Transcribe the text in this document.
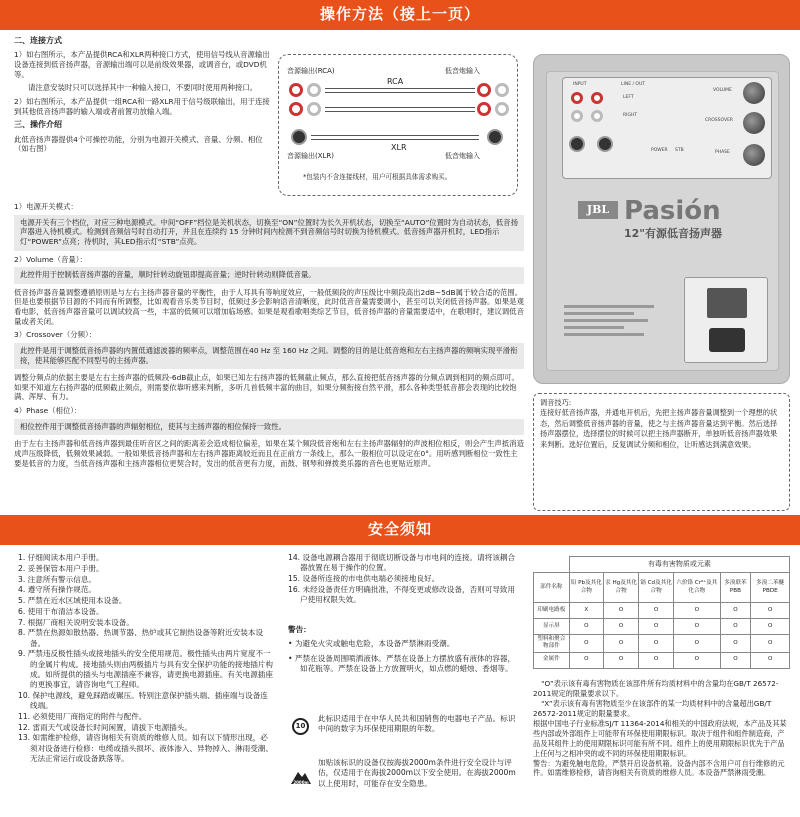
操作方法（接上一页）
二、连接方式

1）如右图所示，本产品提供RCA和XLR两种接口方式，使用信号线从音源输出设备连接到低音扬声器，音源输出端可以是前级效果器，或调音台，或DVD机等。

请注意安装时只可以选择其中一种输入接口，不要同时使用两种接口。

2）如右图所示，本产品提供一组RCA和一路XLR用于信号级联输出，用于连接到其他低音扬声器的输入端或者前置功放输入端。

三、操作介绍

此低音扬声器提供4个可操控功能，分别为电源开关模式、音量、分频、相位（如右图）

音源输出(RCA)	低音炮输入
RCA
XLR
音源输出(XLR)	低音炮输入
*包装内不含连接线材，用户可根据具体需求购买。
1）电源开关模式：
电源开关有三个档位，对应三种电源模式。中间“OFF”档位是关机状态，切换至“ON”位置时为长久开机状态，切换至“AUTO”位置时为自动状态，低音扬声器进入待机模式。检测到音频信号时自动打开，并且在连续约 15 分钟时间内检测不到音频信号时切换为待机模式。低音扬声器开机时，LED指示灯“POWER”点亮；待机时，其LED指示灯“STB”点亮。
2）Volume（音量）：
此控件用于控制低音扬声器的音量，顺时针转动旋钮即提高音量；逆时针转动则降低音量。

低音扬声器音量调整遵循原则是与左右主扬声器音量的平衡性，由于人耳具有等响度效应，一般低频段的声压级比中频段高出2dB~5dB属于较合适的范围。但是也要根据节目源的不同而有所调整，比如观看音乐类节目时，低频过多会影响语音清晰度，此时低音音量需要调小，甚至可以关闭低音扬声器。如果是观看电影，低音扬声器音量可以调试较高一些，丰富的低频可以增加临场感。如果是观看歌唱类综艺节目，低音扬声器的音量需要适中，在歌唱时，建议调低音量或者关闭。

3）Crossover（分频）：
此控件是用于调整低音扬声器的内置低通滤波器的频率点，调整范围在40 Hz 至 160 Hz 之间。调整的目的是让低音炮和左右主扬声器的频响实现平滑衔接，使其能够匹配不同型号的主扬声器。

调整分频点的依据主要是左右主扬声器的低频段-6dB截止点，如果已知左右扬声器的低频截止频点，那么直接把低音扬声器的分频点调到相同的频点即可。如果不知道左右扬声器的低频截止频点，则需要依靠听感来判断，多听几首低频丰富的曲目，如果分频衔接自然平滑，那么各种类型低音都会表现的比较饱满、浑厚、有力。

4）Phase（相位）：
相位控件用于调整低音扬声器的声辐射相位，使其与主扬声器的相位保持一致性。

由于左右主扬声器和低音扬声器到最佳听音区之间的距离差会造成相位偏差，如果在某个频段低音炮和左右主扬声器辐射的声波相位相反，则会产生声抵消造成声压级降低，低频效果减弱。一般如果低音扬声器和左右扬声器距离较近而且在正前方一条线上，那么一般相位可以设定在0°。用听感判断相位一致性主要是低音的力度，当低音扬声器和主扬声器相位更契合时，发出的低音更有力度，而鼓、钢琴和弹拨类乐器的音色也更贴近原声。

INPUT	LINE / OUT
LEFT
RIGHT
POWER STB
VOLUME
CROSSOVER
PHASE
JBL Pasión
12"有源低音扬声器
调音技巧:
连接好低音扬声器，并通电开机后，先把主扬声器音量调整到一个理想的状态，然后调整低音扬声器的音量，使之与主扬声器音量达到平衡。然后选择扬声器摆位，选择摆位的时候可以把主扬声器断开，单独听低音扬声器效果来判断。选好位置后，反复调试分频和相位，让听感达到满意效果。
安全须知
1. 仔细阅读本用户手册。
2. 妥善保管本用户手册。
3. 注意所有警示信息。
4. 遵守所有操作规范。
5. 严禁在近水区域使用本设备。
6. 使用干布清洁本设备。
7. 根据厂商相关说明安装本设备。
8. 严禁在热源如散热器、热调节器、热炉或其它制热设备等附近安装本设备。
9. 严禁违反极性插头或接地插头的安全使用规范。极性插头由两片宽度不一的金属片构成。接地插头则由两极插片与具有安全保护功能的接地插片构成。如所提供的插头与电源插座不兼容，请更换电源插座。有关电源插座的更换事宜，请咨询电气工程师。
10. 保护电源线，避免踩踏或碾压。特别注意保护插头端、插座端与设备连线端。
11. 必须使用厂商指定的附件与配件。
12. 雷雨天气或设备长时间闲置，请拔下电源插头。
13. 如需维护检修，请咨询相关有资质的维修人员。如有以下情形出现，必须对设备进行检修：电缆或插头损坏、液体渗入、异物掉入、淋雨受潮、无法正常运行或设备跌落等。
14. 设备电源耦合器用于彻底切断设备与市电间的连接。请将该耦合器放置在易于操作的位置。
15. 设备所连接的市电供电端必须接地良好。
16. 未经设备责任方明确批准，不得变更或修改设备，否则可导致用户使用权限失效。
警告：
• 为避免火灾或触电危险，本设备严禁淋雨受潮。
• 严禁在设备周围喷洒液体。严禁在设备上方摆放盛有液体的容器，如花瓶等。严禁在设备上方放置明火，如点燃的蜡烛、香烟等。
10
此标识适用于在中华人民共和国销售的电器电子产品。标识中间的数字为环保使用期限的年数。
2000m
加贴该标识的设备仅按海拔2000m条件进行安全设计与评估，仅适用于在海拔2000m以下安全使用。在海拔2000m以上使用时，可能存在安全隐患。
	有毒有害物质或元素					
部件名称	铅 Pb及其化合物	汞 Hg及其化合物	镉 Cd及其化合物	六价铬 Cr⁶⁺及其化合物	多溴联苯 PBB	多溴二苯醚 PBDE
印刷电路板	X	O	O	O	O	O
显示屏	O	O	O	O	O	O
塑料和聚合物部件	O	O	O	O	O	O
金属件	O	O	O	O	O	O
“O”表示该有毒有害物质在该部件所有均质材料中的含量均在GB/T 26572-2011规定的限量要求以下。
“X”表示该有毒有害物质至少在该部件的某一均质材料中的含量超出GB/T 26572-2011规定的限量要求。
根据中国电子行业标准SJ/T 11364-2014和相关的中国政府法规，本产品及其某些内部或外部组件上可能带有环保使用期限标识。取决于组件和组件制造商，产品及其组件上的使用期限标识可能有所不同。组件上的使用期限标识优先于产品上任何与之相冲突的或不同的环保使用期限标识。
警告：为避免触电危险，严禁开启设备机箱。设备内部不含用户可自行维修的元件。如需维修检修，请咨询相关有资质的维修人员。本设备严禁淋雨受潮。
